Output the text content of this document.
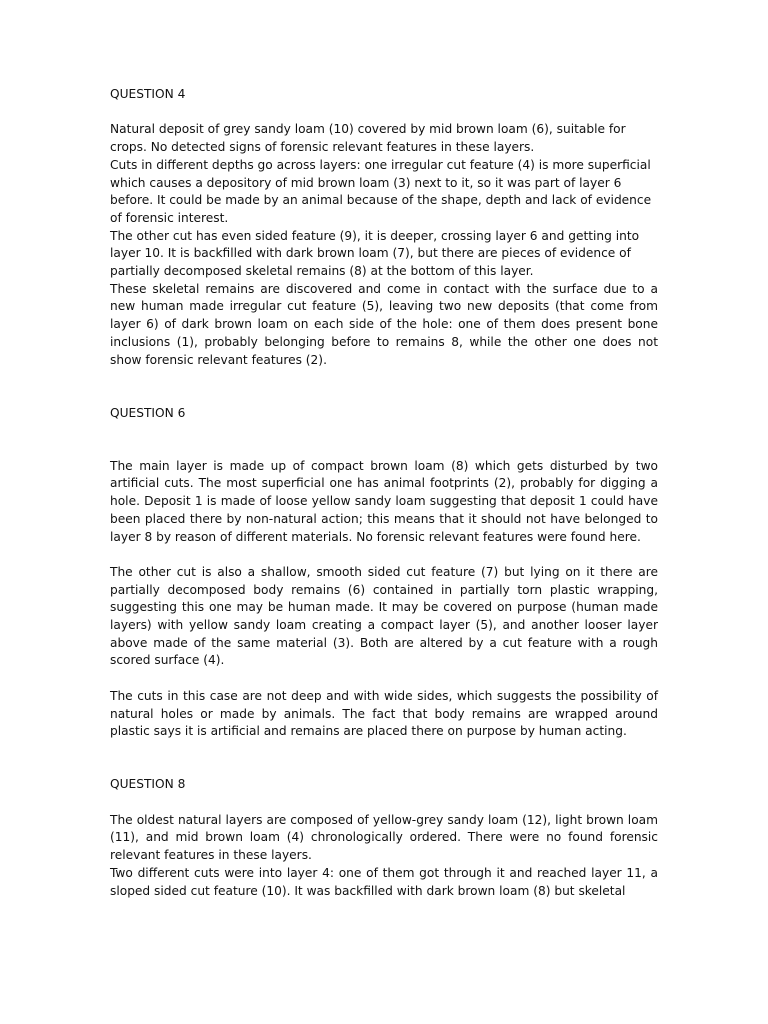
QUESTION 4

Natural deposit of grey sandy loam (10) covered by mid brown loam (6), suitable for crops. No detected signs of forensic relevant features in these layers.

Cuts in different depths go across layers: one irregular cut feature (4) is more superficial which causes a depository of mid brown loam (3) next to it, so it was part of layer 6 before. It could be made by an animal because of the shape, depth and lack of evidence of forensic interest.

The other cut has even sided feature (9), it is deeper, crossing layer 6 and getting into layer 10. It is backfilled with dark brown loam (7), but there are pieces of evidence of partially decomposed skeletal remains (8) at the bottom of this layer.

These skeletal remains are discovered and come in contact with the surface due to a new human made irregular cut feature (5), leaving two new deposits (that come from layer 6) of dark brown loam on each side of the hole: one of them does present bone inclusions (1), probably belonging before to remains 8, while the other one does not show forensic relevant features (2).

QUESTION 6

The main layer is made up of compact brown loam (8) which gets disturbed by two artificial cuts. The most superficial one has animal footprints (2), probably for digging a hole. Deposit 1 is made of loose yellow sandy loam suggesting that deposit 1 could have been placed there by non-natural action; this means that it should not have belonged to layer 8 by reason of different materials. No forensic relevant features were found here.

The other cut is also a shallow, smooth sided cut feature (7) but lying on it there are partially decomposed body remains (6) contained in partially torn plastic wrapping, suggesting this one may be human made. It may be covered on purpose (human made layers) with yellow sandy loam creating a compact layer (5), and another looser layer above made of the same material (3). Both are altered by a cut feature with a rough scored surface (4).

The cuts in this case are not deep and with wide sides, which suggests the possibility of natural holes or made by animals. The fact that body remains are wrapped around plastic says it is artificial and remains are placed there on purpose by human acting.

QUESTION 8

The oldest natural layers are composed of yellow-grey sandy loam (12), light brown loam (11), and mid brown loam (4) chronologically ordered. There were no found forensic relevant features in these layers.

Two different cuts were into layer 4: one of them got through it and reached layer 11, a sloped sided cut feature (10). It was backfilled with dark brown loam (8) but skeletal
